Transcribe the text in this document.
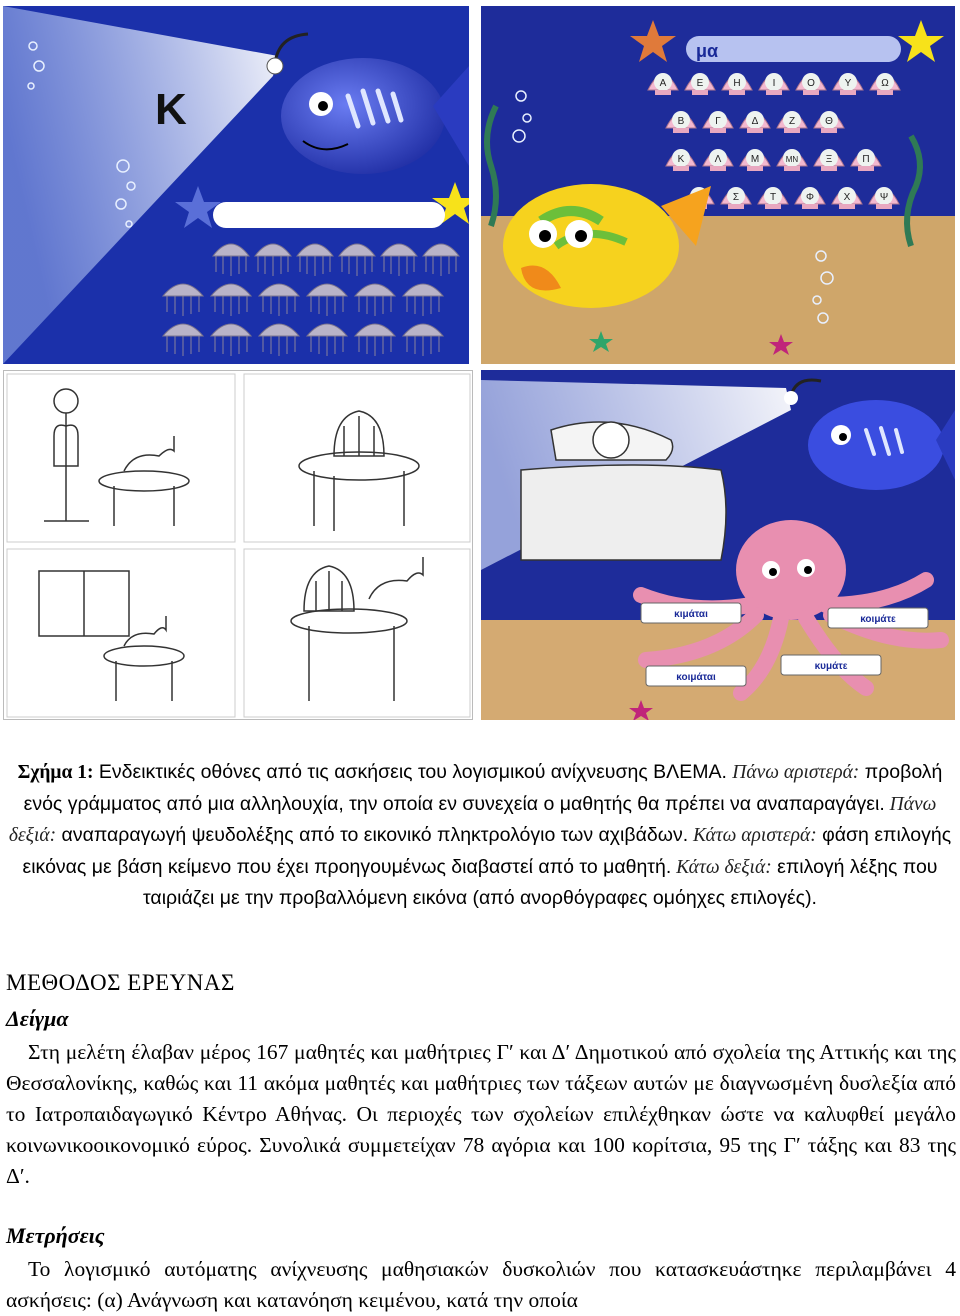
Κ
μα
Α	Ε	Η	Ι	Ο	Υ	Ω
Β	Γ	Δ	Ζ	Θ
Κ	Λ	Μ	ΜΝ	Ξ	Π
Σ	Τ	Φ	Χ	Ψ
κιμάται	κοιμάτε
κυμάτε
κοιμάται
Σχήμα 1: Ενδεικτικές οθόνες από τις ασκήσεις του λογισμικού ανίχνευσης ΒΛΕΜΑ. Πάνω αριστερά: προβολή ενός γράμματος από μια αλληλουχία, την οποία εν συνεχεία ο μαθητής θα πρέπει να αναπαραγάγει. Πάνω δεξιά: αναπαραγωγή ψευδολέξης από το εικονικό πληκτρολόγιο των αχιβάδων. Κάτω αριστερά: φάση επιλογής εικόνας με βάση κείμενο που έχει προηγουμένως διαβαστεί από το μαθητή. Κάτω δεξιά: επιλογή λέξης που ταιριάζει με την προβαλλόμενη εικόνα (από ανορθόγραφες ομόηχες επιλογές).
ΜΕΘΟΔΟΣ ΕΡΕΥΝΑΣ
Δείγμα

Στη μελέτη έλαβαν μέρος 167 μαθητές και μαθήτριες Γ′ και Δ′ Δημοτικού από σχολεία της Αττικής και της Θεσσαλονίκης, καθώς και 11 ακόμα μαθητές και μαθήτριες των τάξεων αυτών με διαγνωσμένη δυσλεξία από το Ιατροπαιδαγωγικό Κέντρο Αθήνας. Οι περιοχές των σχολείων επιλέχθηκαν ώστε να καλυφθεί μεγάλο κοινωνικοοικονομικό εύρος. Συνολικά συμμετείχαν 78 αγόρια και 100 κορίτσια, 95 της Γ′ τάξης και 83 της Δ′.

Μετρήσεις

Το λογισμικό αυτόματης ανίχνευσης μαθησιακών δυσκολιών που κατασκευάστηκε περιλαμβάνει 4 ασκήσεις: (α) Ανάγνωση και κατανόηση κειμένου, κατά την οποία
